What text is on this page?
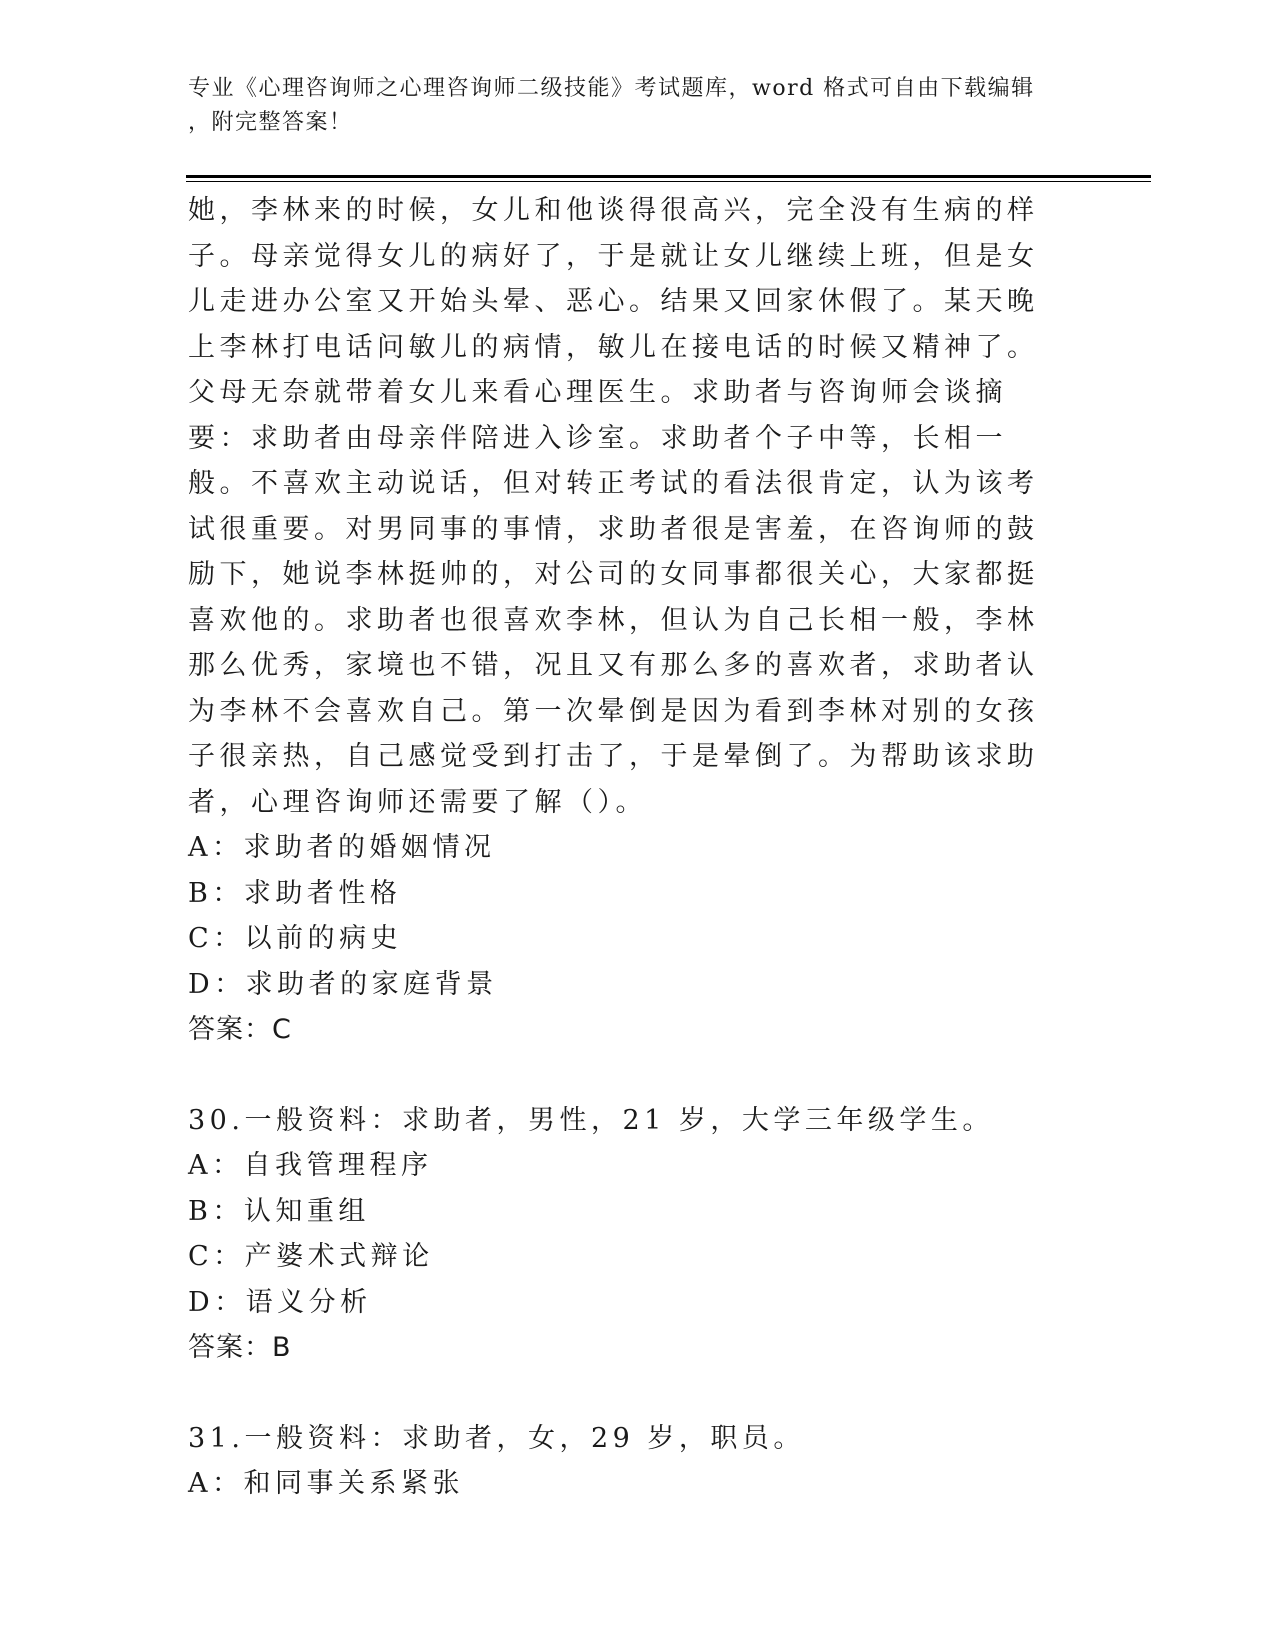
专业《心理咨询师之心理咨询师二级技能》考试题库，word 格式可自由下载编辑
，附完整答案！

她，李林来的时候，女儿和他谈得很高兴，完全没有生病的样子。母亲觉得女儿的病好了，于是就让女儿继续上班，但是女儿走进办公室又开始头晕、恶心。结果又回家休假了。某天晚上李林打电话问敏儿的病情，敏儿在接电话的时候又精神了。父母无奈就带着女儿来看心理医生。求助者与咨询师会谈摘要：求助者由母亲伴陪进入诊室。求助者个子中等，长相一般。不喜欢主动说话，但对转正考试的看法很肯定，认为该考试很重要。对男同事的事情，求助者很是害羞，在咨询师的鼓励下，她说李林挺帅的，对公司的女同事都很关心，大家都挺喜欢他的。求助者也很喜欢李林，但认为自己长相一般，李林那么优秀，家境也不错，况且又有那么多的喜欢者，求助者认为李林不会喜欢自己。第一次晕倒是因为看到李林对别的女孩子很亲热，自己感觉受到打击了，于是晕倒了。为帮助该求助者，心理咨询师还需要了解（）。

A：求助者的婚姻情况

B：求助者性格

C：以前的病史

D：求助者的家庭背景

答案：C

30.一般资料：求助者，男性，21 岁，大学三年级学生。

A：自我管理程序

B：认知重组

C：产婆术式辩论

D：语义分析

答案：B

31.一般资料：求助者，女，29 岁，职员。

A：和同事关系紧张
